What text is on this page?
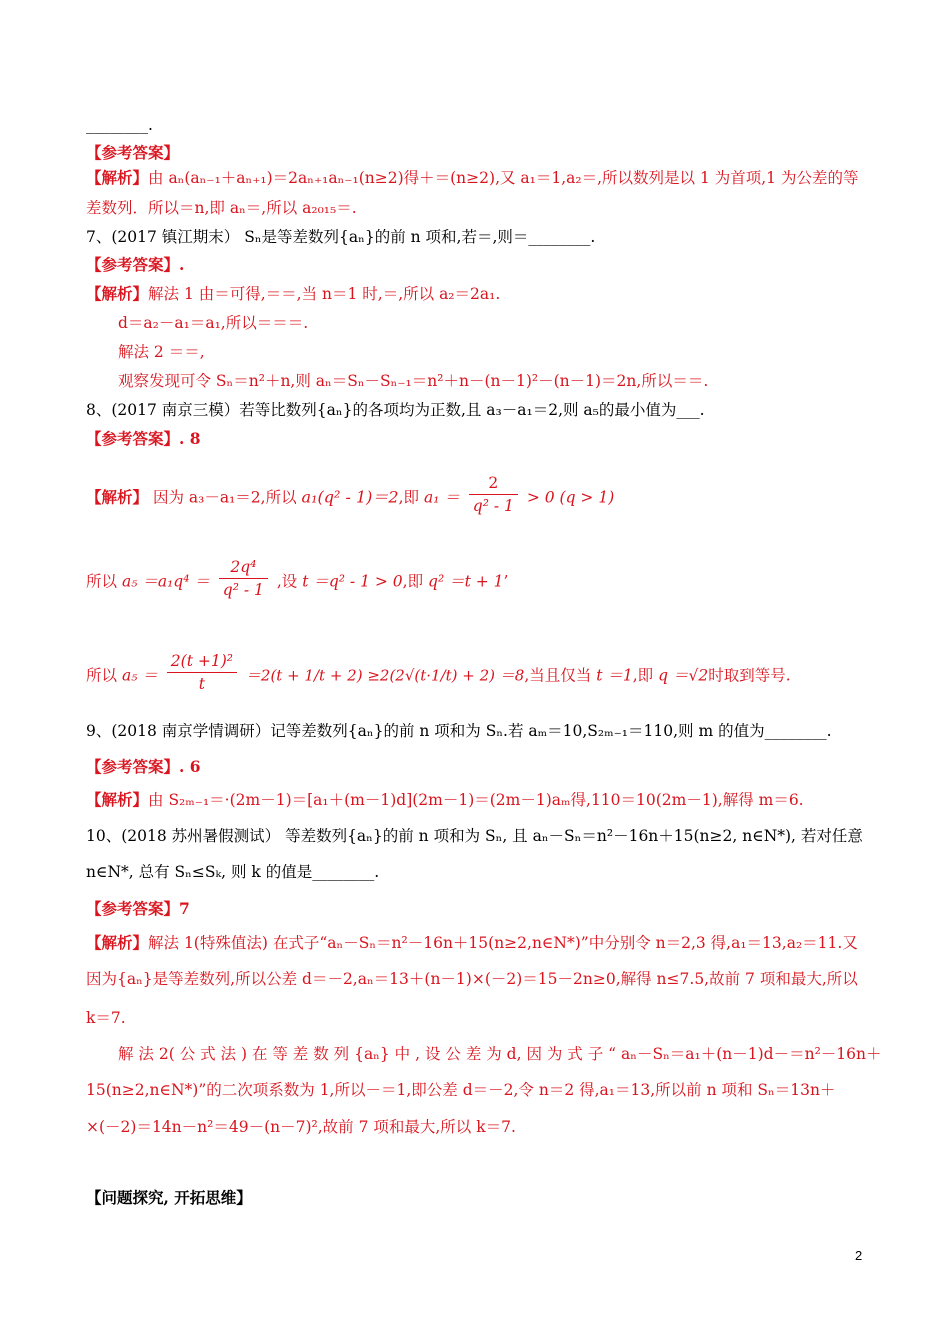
________.
【参考答案】
【解析】由 aₙ(aₙ₋₁＋aₙ₊₁)＝2aₙ₊₁aₙ₋₁(n≥2)得＋＝(n≥2),又 a₁＝1,a₂＝,所以数列是以 1 为首项,1 为公差的等
差数列．所以＝n,即 aₙ＝,所以 a₂₀₁₅＝.
7、(2017 镇江期末） Sₙ是等差数列{aₙ}的前 n 项和,若＝,则＝________.
【参考答案】.
【解析】解法 1 由＝可得,＝＝,当 n＝1 时,＝,所以 a₂＝2a₁.
d＝a₂－a₁＝a₁,所以＝＝＝.
解法 2 ＝＝,
观察发现可令 Sₙ＝n²＋n,则 aₙ＝Sₙ－Sₙ₋₁＝n²＋n－(n－1)²－(n－1)＝2n,所以＝＝.
8、(2017 南京三模）若等比数列{aₙ}的各项均为正数,且 a₃－a₁＝2,则 a₅的最小值为___.
【参考答案】. 8
【解析】 因为 a₃－a₁＝2,所以 a₁(q² - 1)＝2,即 $a_1 = \frac{2}{\text{q² - 1}} > 0$ (q > 1)
所以 $a_5 =a_1q^4 = \frac{\text{2q⁴}}{\text{q² - 1}}$ ,设 t ＝q² - 1 > 0,即 q² ＝t + 1’
所以 $a_5 = \frac{\text{2(t +1)²}}{t} =2(t + 1/t + 2) \ge 2(2√(t\cdot 1/t) + 2) =8$,当且仅当 t ＝1,即 q ＝√2时取到等号.
9、(2018 南京学情调研）记等差数列{aₙ}的前 n 项和为 Sₙ.若 aₘ＝10,S₂ₘ₋₁＝110,则 m 的值为________.
【参考答案】. 6
【解析】由 S₂ₘ₋₁＝·(2m－1)＝[a₁＋(m－1)d](2m－1)＝(2m－1)aₘ得,110＝10(2m－1),解得 m＝6.
10、(2018 苏州暑假测试） 等差数列{aₙ}的前 n 项和为 Sₙ, 且 aₙ－Sₙ＝n²－16n＋15(n≥2, n∈N*), 若对任意
n∈N*, 总有 Sₙ≤Sₖ, 则 k 的值是________.
【参考答案】7
【解析】解法 1(特殊值法) 在式子“aₙ－Sₙ＝n²－16n＋15(n≥2,n∈N*)”中分别令 n＝2,3 得,a₁＝13,a₂＝11.又
因为{aₙ}是等差数列,所以公差 d＝－2,aₙ＝13＋(n－1)×(－2)＝15－2n≥0,解得 n≤7.5,故前 7 项和最大,所以
k＝7.
解 法 2( 公 式 法 ) 在 等 差 数 列 {aₙ} 中 , 设 公 差 为 d, 因 为 式 子 “ aₙ－Sₙ＝a₁＋(n－1)d－＝n²－16n＋
15(n≥2,n∈N*)”的二次项系数为 1,所以－＝1,即公差 d＝－2,令 n＝2 得,a₁＝13,所以前 n 项和 Sₙ＝13n＋
×(－2)＝14n－n²＝49－(n－7)²,故前 7 项和最大,所以 k＝7.
【问题探究, 开拓思维】
2
